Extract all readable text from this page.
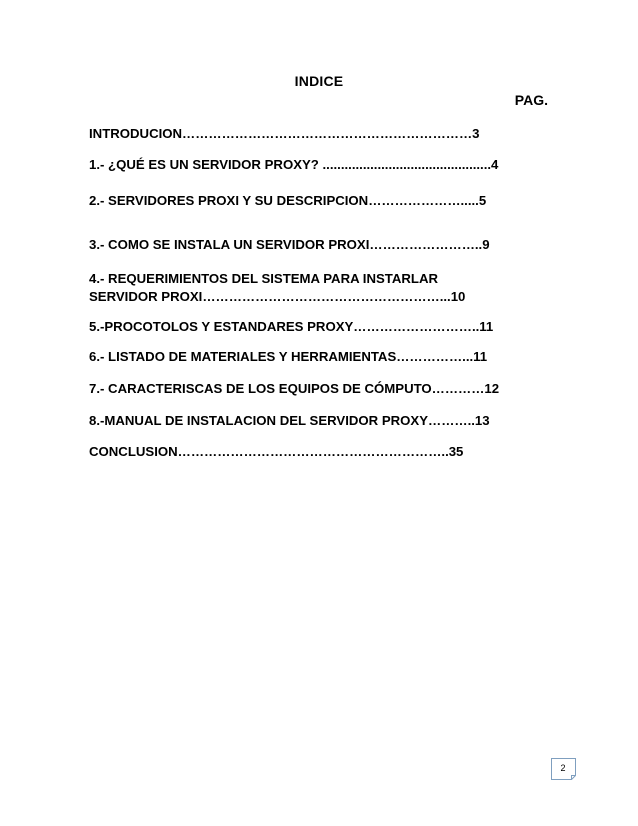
INDICE
PAG.
INTRODUCION…………………………………………………………3
1.- ¿QUÉ ES UN SERVIDOR PROXY? ..............................................4
2.- SERVIDORES PROXI Y SU DESCRIPCION………………….....5
3.- COMO SE INSTALA UN SERVIDOR PROXI……………………..9
4.- REQUERIMIENTOS DEL SISTEMA PARA INSTARLAR
SERVIDOR PROXI………………………………………………...10
5.-PROCOTOLOS Y ESTANDARES PROXY………………………..11
6.- LISTADO DE MATERIALES Y HERRAMIENTAS……………...11
7.- CARACTERISCAS DE LOS EQUIPOS DE CÓMPUTO…………12
8.-MANUAL DE INSTALACION DEL SERVIDOR PROXY………..13
CONCLUSION……………………………………………………..35
2
